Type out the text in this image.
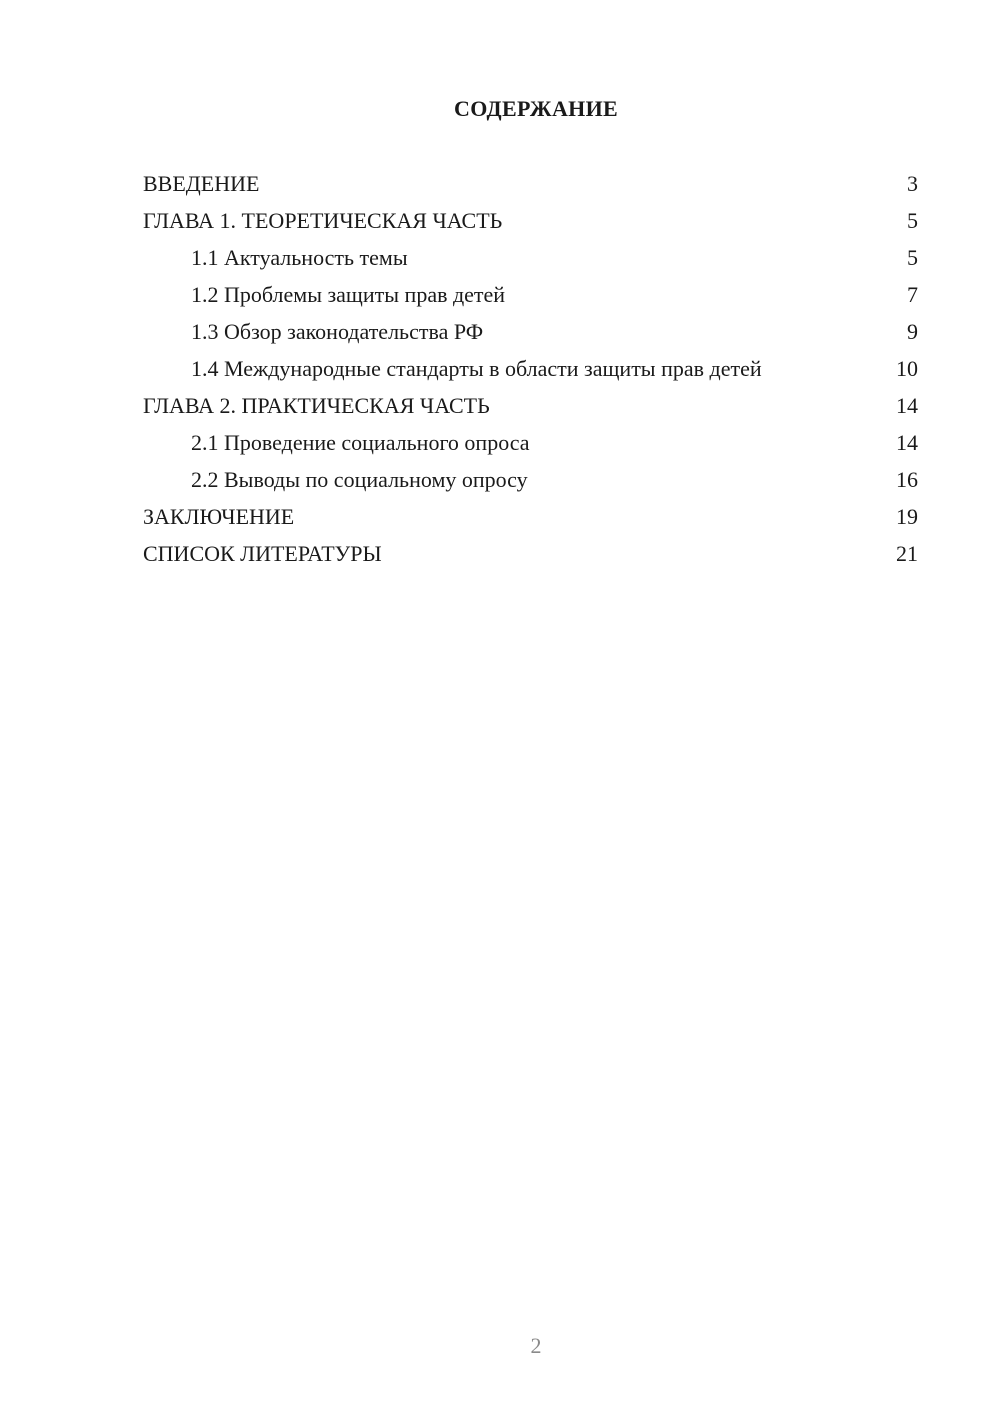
СОДЕРЖАНИЕ
ВВЕДЕНИЕ	3
ГЛАВА 1. ТЕОРЕТИЧЕСКАЯ ЧАСТЬ	5
1.1 Актуальность темы	5
1.2 Проблемы защиты прав детей	7
1.3 Обзор законодательства РФ	9
1.4 Международные стандарты в области защиты прав детей	10
ГЛАВА 2. ПРАКТИЧЕСКАЯ ЧАСТЬ	14
2.1 Проведение социального опроса	14
2.2 Выводы по социальному опросу	16
ЗАКЛЮЧЕНИЕ	19
СПИСОК ЛИТЕРАТУРЫ	21
2
